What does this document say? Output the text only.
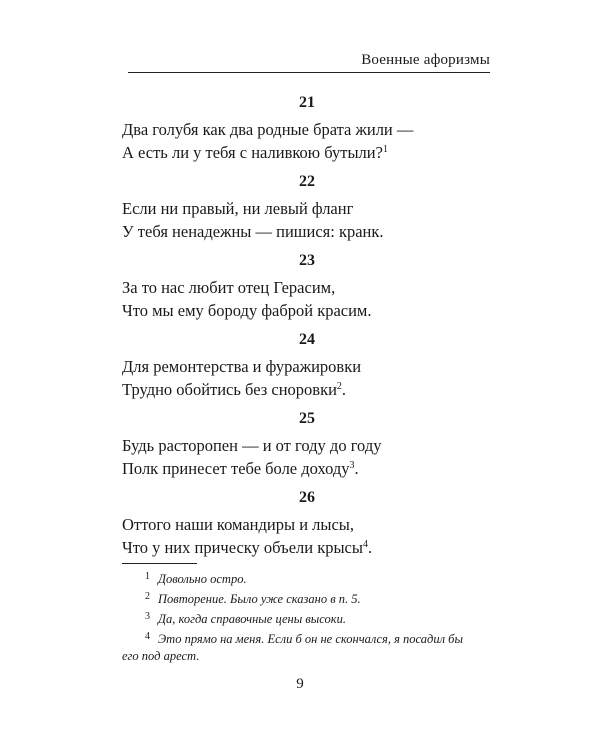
Военные афоризмы
21
Два голубя как два родные брата жили —
А есть ли у тебя с наливкою бутыли?$^1$
22
Если ни правый, ни левый фланг
У тебя ненадежны — пишися: кранк.
23
За то нас любит отец Герасим,
Что мы ему бороду фаброй красим.
24
Для ремонтерства и фуражировки
Трудно обойтись без сноровки$^2$.
25
Будь расторопен — и от году до году
Полк принесет тебе боле доходу$^3$.
26
Оттого наши командиры и лысы,
Что у них прическу объели крысы$^4$.
$^1$ Довольно остро.
$^2$ Повторение. Было уже сказано в п. 5.
$^3$ Да, когда справочные цены высоки.
$^4$ Это прямо на меня. Если б он не скончался, я посадил бы
его под арест.
9
